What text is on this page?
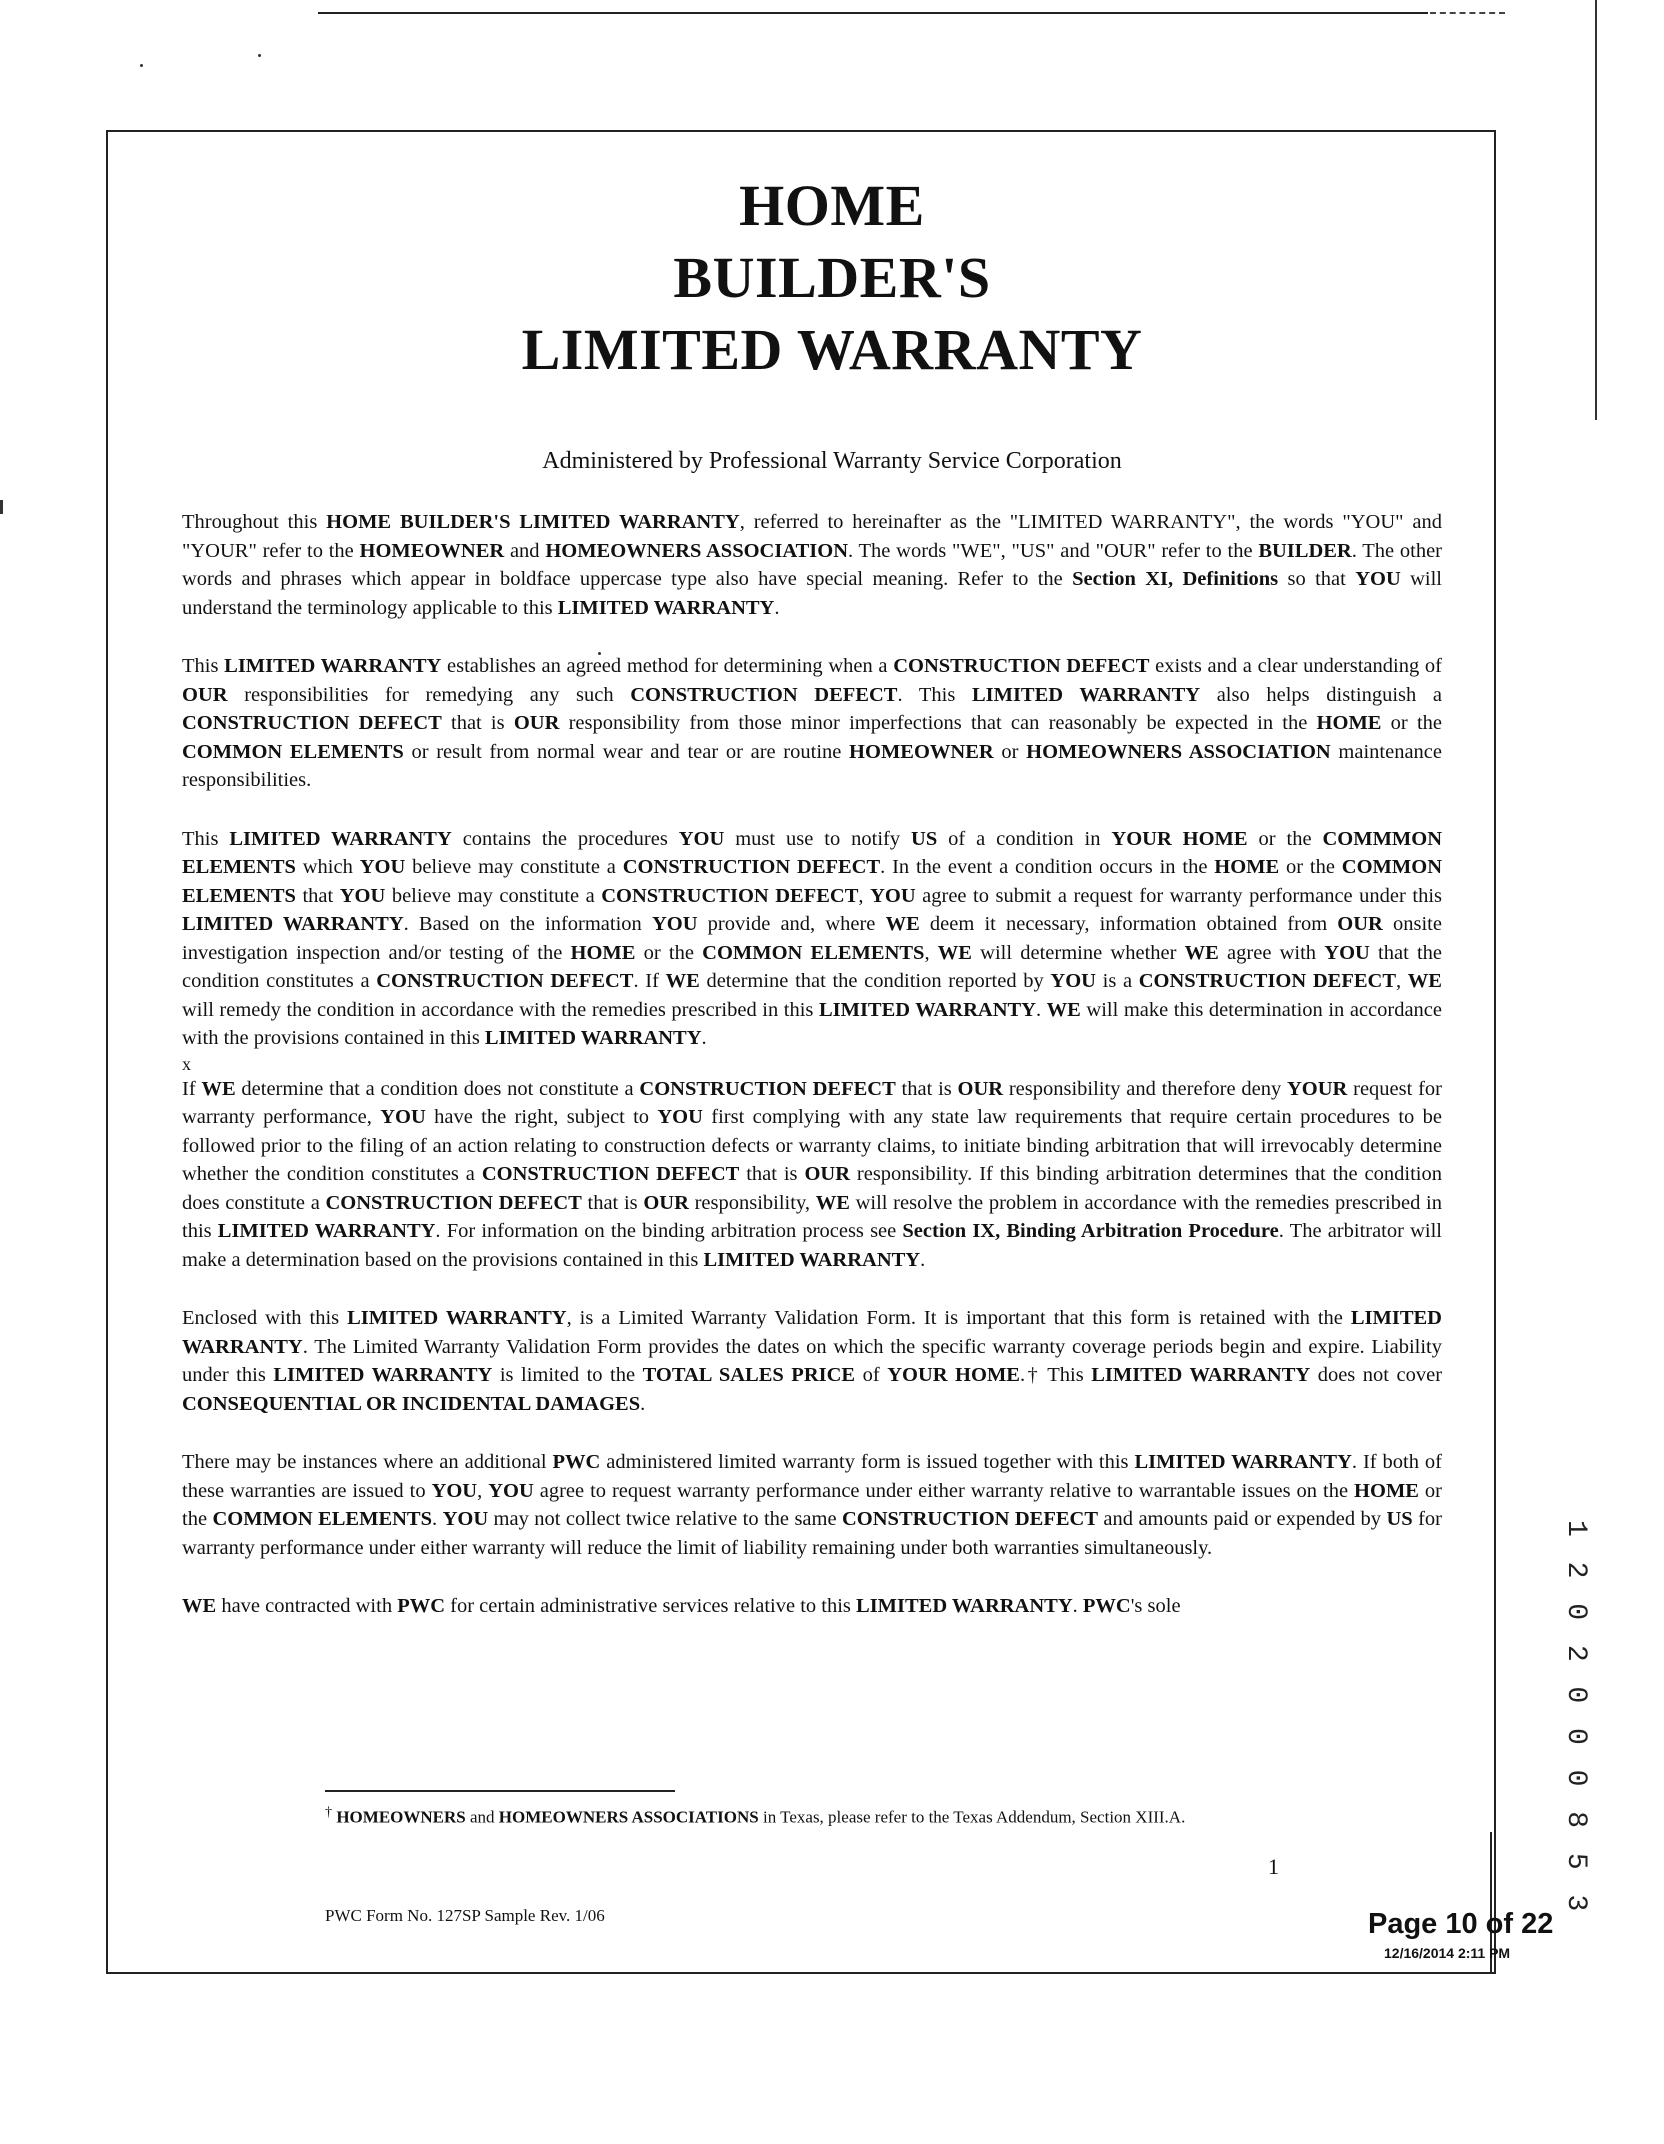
HOME
BUILDER'S
LIMITED WARRANTY
Administered by Professional Warranty Service Corporation

Throughout this HOME BUILDER'S LIMITED WARRANTY, referred to hereinafter as the "LIMITED WARRANTY", the words "YOU" and "YOUR" refer to the HOMEOWNER and HOMEOWNERS ASSOCIATION. The words "WE", "US" and "OUR" refer to the BUILDER. The other words and phrases which appear in boldface uppercase type also have special meaning. Refer to the Section XI, Definitions so that YOU will understand the terminology applicable to this LIMITED WARRANTY.

This LIMITED WARRANTY establishes an agreed method for determining when a CONSTRUCTION DEFECT exists and a clear understanding of OUR responsibilities for remedying any such CONSTRUCTION DEFECT. This LIMITED WARRANTY also helps distinguish a CONSTRUCTION DEFECT that is OUR responsibility from those minor imperfections that can reasonably be expected in the HOME or the COMMON ELEMENTS or result from normal wear and tear or are routine HOMEOWNER or HOMEOWNERS ASSOCIATION maintenance responsibilities.

This LIMITED WARRANTY contains the procedures YOU must use to notify US of a condition in YOUR HOME or the COMMMON ELEMENTS which YOU believe may constitute a CONSTRUCTION DEFECT. In the event a condition occurs in the HOME or the COMMON ELEMENTS that YOU believe may constitute a CONSTRUCTION DEFECT, YOU agree to submit a request for warranty performance under this LIMITED WARRANTY. Based on the information YOU provide and, where WE deem it necessary, information obtained from OUR onsite investigation inspection and/or testing of the HOME or the COMMON ELEMENTS, WE will determine whether WE agree with YOU that the condition constitutes a CONSTRUCTION DEFECT. If WE determine that the condition reported by YOU is a CONSTRUCTION DEFECT, WE will remedy the condition in accordance with the remedies prescribed in this LIMITED WARRANTY. WE will make this determination in accordance with the provisions contained in this LIMITED WARRANTY.

x

If WE determine that a condition does not constitute a CONSTRUCTION DEFECT that is OUR responsibility and therefore deny YOUR request for warranty performance, YOU have the right, subject to YOU first complying with any state law requirements that require certain procedures to be followed prior to the filing of an action relating to construction defects or warranty claims, to initiate binding arbitration that will irrevocably determine whether the condition constitutes a CONSTRUCTION DEFECT that is OUR responsibility. If this binding arbitration determines that the condition does constitute a CONSTRUCTION DEFECT that is OUR responsibility, WE will resolve the problem in accordance with the remedies prescribed in this LIMITED WARRANTY. For information on the binding arbitration process see Section IX, Binding Arbitration Procedure. The arbitrator will make a determination based on the provisions contained in this LIMITED WARRANTY.

Enclosed with this LIMITED WARRANTY, is a Limited Warranty Validation Form. It is important that this form is retained with the LIMITED WARRANTY. The Limited Warranty Validation Form provides the dates on which the specific warranty coverage periods begin and expire. Liability under this LIMITED WARRANTY is limited to the TOTAL SALES PRICE of YOUR HOME.† This LIMITED WARRANTY does not cover CONSEQUENTIAL OR INCIDENTAL DAMAGES.

There may be instances where an additional PWC administered limited warranty form is issued together with this LIMITED WARRANTY. If both of these warranties are issued to YOU, YOU agree to request warranty performance under either warranty relative to warrantable issues on the HOME or the COMMON ELEMENTS. YOU may not collect twice relative to the same CONSTRUCTION DEFECT and amounts paid or expended by US for warranty performance under either warranty will reduce the limit of liability remaining under both warranties simultaneously.

WE have contracted with PWC for certain administrative services relative to this LIMITED WARRANTY. PWC's sole

† HOMEOWNERS and HOMEOWNERS ASSOCIATIONS in Texas, please refer to the Texas Addendum, Section XIII.A.
1
PWC Form No. 127SP Sample Rev. 1/06	Page 10 of 22
12/16/2014 2:11 PM
1 2 0 2 0 0 0 8 5 3
